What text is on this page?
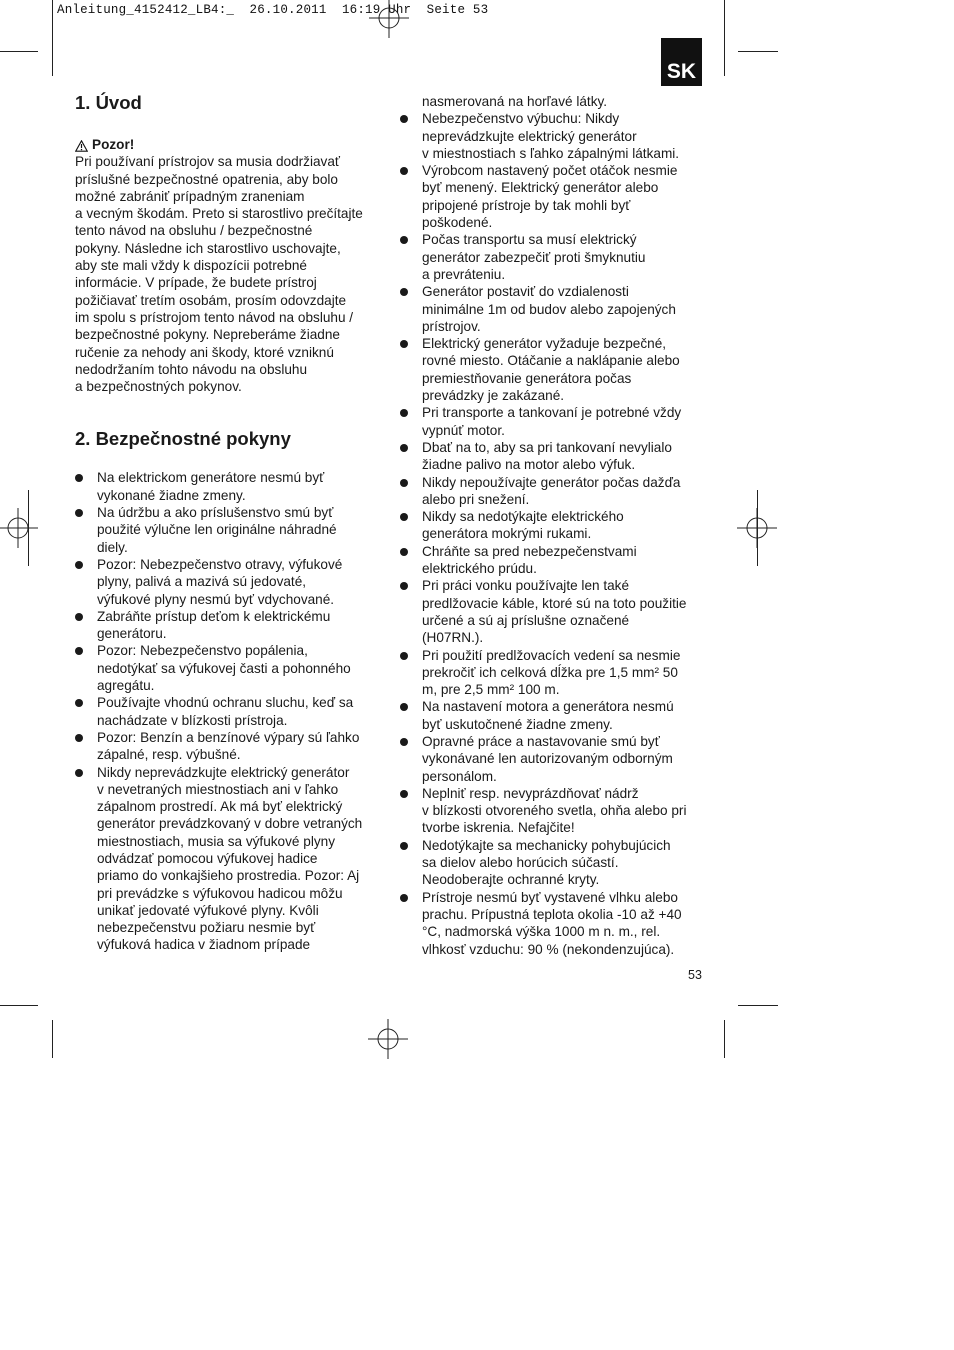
Anleitung_4152412_LB4:_  26.10.2011  16:19 Uhr  Seite 53
SK
1. Úvod
Pozor!
Pri používaní prístrojov sa musia dodržiavať
príslušné bezpečnostné opatrenia, aby bolo
možné zabrániť prípadným zraneniam
a vecným škodám. Preto si starostlivo prečítajte
tento návod na obsluhu / bezpečnostné
pokyny. Následne ich starostlivo uschovajte,
aby ste mali vždy k dispozícii potrebné
informácie. V prípade, že budete prístroj
požičiavať tretím osobám, prosím odovzdajte
im spolu s prístrojom tento návod na obsluhu /
bezpečnostné pokyny. Nepreberáme žiadne
ručenie za nehody ani škody, ktoré vzniknú
nedodržaním tohto návodu na obsluhu
a bezpečnostných pokynov.
2. Bezpečnostné pokyny
Na elektrickom generátore nesmú byť
vykonané žiadne zmeny.
Na údržbu a ako príslušenstvo smú byť
použité výlučne len originálne náhradné
diely.
Pozor: Nebezpečenstvo otravy, výfukové
plyny, palivá a mazivá sú jedovaté,
výfukové plyny nesmú byť vdychované.
Zabráňte prístup deťom k elektrickému
generátoru.
Pozor: Nebezpečenstvo popálenia,
nedotýkať sa výfukovej časti a pohonného
agregátu.
Používajte vhodnú ochranu sluchu, keď sa
nachádzate v blízkosti prístroja.
Pozor: Benzín a benzínové výpary sú ľahko
zápalné, resp. výbušné.
Nikdy neprevádzkujte elektrický generátor
v nevetraných miestnostiach ani v ľahko
zápalnom prostredí. Ak má byť elektrický
generátor prevádzkovaný v dobre vetraných
miestnostiach, musia sa výfukové plyny
odvádzať pomocou výfukovej hadice
priamo do vonkajšieho prostredia. Pozor: Aj
pri prevádzke s výfukovou hadicou môžu
unikať jedovaté výfukové plyny. Kvôli
nebezpečenstvu požiaru nesmie byť
výfuková hadica v žiadnom prípade
nasmerovaná na horľavé látky.
Nebezpečenstvo výbuchu: Nikdy
neprevádzkujte elektrický generátor
v miestnostiach s ľahko zápalnými látkami.
Výrobcom nastavený počet otáčok nesmie
byť menený. Elektrický generátor alebo
pripojené prístroje by tak mohli byť
poškodené.
Počas transportu sa musí elektrický
generátor zabezpečiť proti šmyknutiu
a prevráteniu.
Generátor postaviť do vzdialenosti
minimálne 1m od budov alebo zapojených
prístrojov.
Elektrický generátor vyžaduje bezpečné,
rovné miesto. Otáčanie a naklápanie alebo
premiestňovanie generátora počas
prevádzky je zakázané.
Pri transporte a tankovaní je potrebné vždy
vypnúť motor.
Dbať na to, aby sa pri tankovaní nevylialo
žiadne palivo na motor alebo výfuk.
Nikdy nepoužívajte generátor počas dažďa
alebo pri snežení.
Nikdy sa nedotýkajte elektrického
generátora mokrými rukami.
Chráňte sa pred nebezpečenstvami
elektrického prúdu.
Pri práci vonku používajte len také
predlžovacie káble, ktoré sú na toto použitie
určené a sú aj príslušne označené
(H07RN.).
Pri použití predlžovacích vedení sa nesmie
prekročiť ich celková dĺžka pre 1,5 mm² 50
m, pre 2,5 mm² 100 m.
Na nastavení motora a generátora nesmú
byť uskutočnené žiadne zmeny.
Opravné práce a nastavovanie smú byť
vykonávané len autorizovaným odborným
personálom.
Neplniť resp. nevyprázdňovať nádrž
v blízkosti otvoreného svetla, ohňa alebo pri
tvorbe iskrenia. Nefajčite!
Nedotýkajte sa mechanicky pohybujúcich
sa dielov alebo horúcich súčastí.
Neodoberajte ochranné kryty.
Prístroje nesmú byť vystavené vlhku alebo
prachu. Prípustná teplota okolia -10 až +40
°C, nadmorská výška 1000 m n. m., rel.
vlhkosť vzduchu: 90 % (nekondenzujúca).
53
